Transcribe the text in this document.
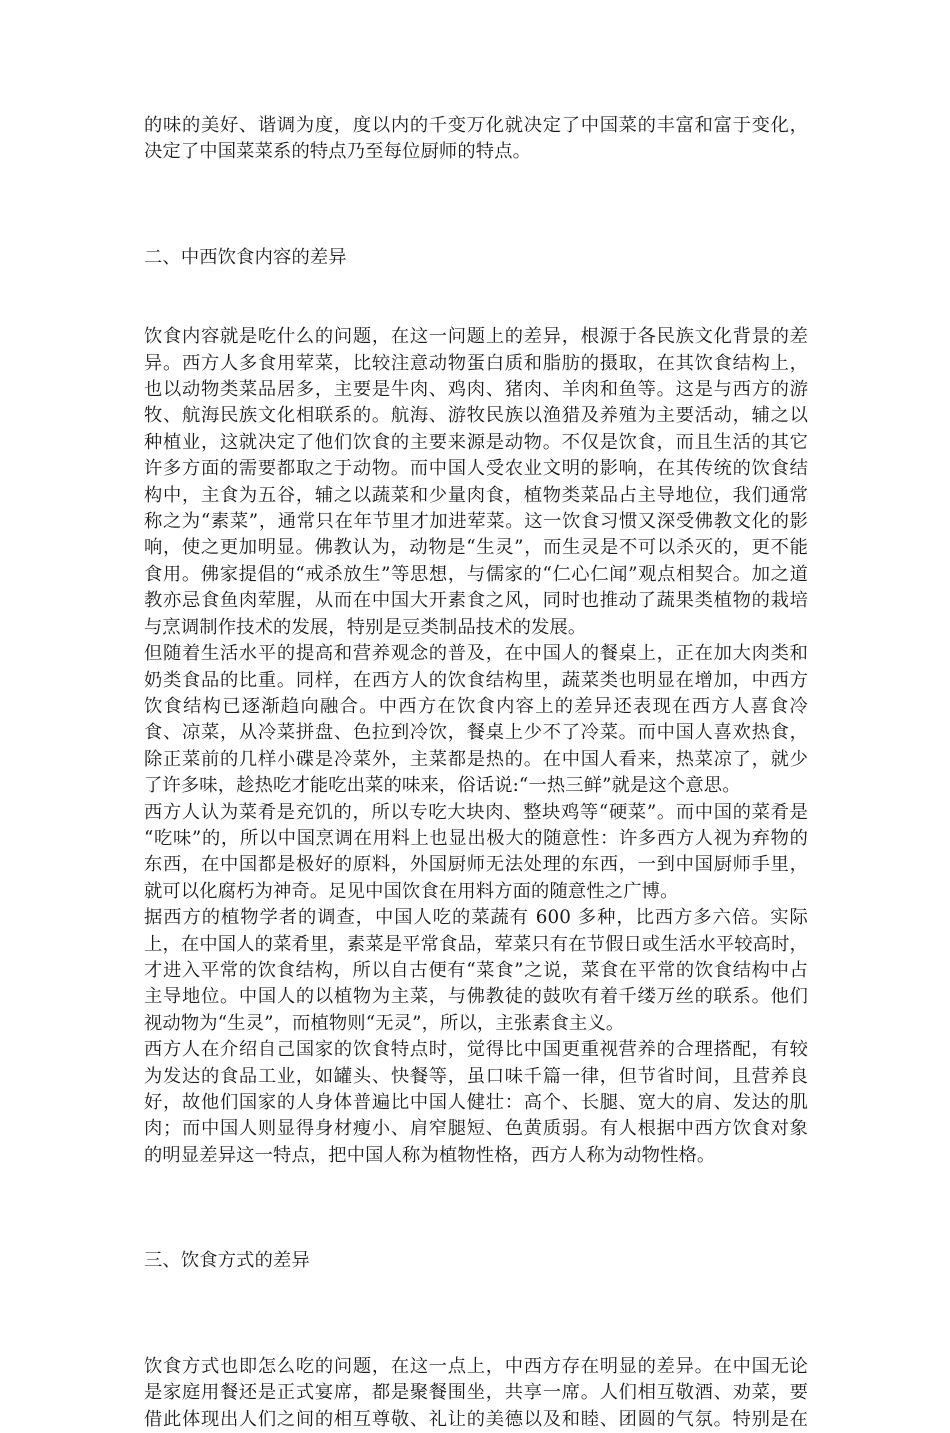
的味的美好、谐调为度，度以内的千变万化就决定了中国菜的丰富和富于变化，
决定了中国菜菜系的特点乃至每位厨师的特点。

二、中西饮食内容的差异

饮食内容就是吃什么的问题，在这一问题上的差异，根源于各民族文化背景的差
异。西方人多食用荤菜，比较注意动物蛋白质和脂肪的摄取，在其饮食结构上，
也以动物类菜品居多，主要是牛肉、鸡肉、猪肉、羊肉和鱼等。这是与西方的游
牧、航海民族文化相联系的。航海、游牧民族以渔猎及养殖为主要活动，辅之以
种植业，这就决定了他们饮食的主要来源是动物。不仅是饮食，而且生活的其它
许多方面的需要都取之于动物。而中国人受农业文明的影响，在其传统的饮食结
构中，主食为五谷，辅之以蔬菜和少量肉食，植物类菜品占主导地位，我们通常
称之为“素菜”，通常只在年节里才加进荤菜。这一饮食习惯又深受佛教文化的影
响，使之更加明显。佛教认为，动物是“生灵”，而生灵是不可以杀灭的，更不能
食用。佛家提倡的“戒杀放生”等思想，与儒家的“仁心仁闻”观点相契合。加之道
教亦忌食鱼肉荤腥，从而在中国大开素食之风，同时也推动了蔬果类植物的栽培
与烹调制作技术的发展，特别是豆类制品技术的发展。
但随着生活水平的提高和营养观念的普及，在中国人的餐桌上，正在加大肉类和
奶类食品的比重。同样，在西方人的饮食结构里，蔬菜类也明显在增加，中西方
饮食结构已逐渐趋向融合。中西方在饮食内容上的差异还表现在西方人喜食冷
食、凉菜，从冷菜拼盘、色拉到冷饮，餐桌上少不了冷菜。而中国人喜欢热食，
除正菜前的几样小碟是冷菜外，主菜都是热的。在中国人看来，热菜凉了，就少
了许多味，趁热吃才能吃出菜的味来，俗话说:“一热三鲜”就是这个意思。
西方人认为菜肴是充饥的，所以专吃大块肉、整块鸡等“硬菜”。而中国的菜肴是
“吃味”的，所以中国烹调在用料上也显出极大的随意性：许多西方人视为弃物的
东西，在中国都是极好的原料，外国厨师无法处理的东西，一到中国厨师手里，
就可以化腐朽为神奇。足见中国饮食在用料方面的随意性之广博。
据西方的植物学者的调查，中国人吃的菜蔬有 600 多种，比西方多六倍。实际
上，在中国人的菜肴里，素菜是平常食品，荤菜只有在节假日或生活水平较高时，
才进入平常的饮食结构，所以自古便有“菜食”之说，菜食在平常的饮食结构中占
主导地位。中国人的以植物为主菜，与佛教徒的鼓吹有着千缕万丝的联系。他们
视动物为“生灵”，而植物则“无灵”，所以，主张素食主义。
西方人在介绍自己国家的饮食特点时，觉得比中国更重视营养的合理搭配，有较
为发达的食品工业，如罐头、快餐等，虽口味千篇一律，但节省时间，且营养良
好，故他们国家的人身体普遍比中国人健壮：高个、长腿、宽大的肩、发达的肌
肉；而中国人则显得身材瘦小、肩窄腿短、色黄质弱。有人根据中西方饮食对象
的明显差异这一特点，把中国人称为植物性格，西方人称为动物性格。

三、饮食方式的差异

饮食方式也即怎么吃的问题，在这一点上，中西方存在明显的差异。在中国无论
是家庭用餐还是正式宴席，都是聚餐围坐，共享一席。人们相互敬酒、劝菜，要
借此体现出人们之间的相互尊敬、礼让的美德以及和睦、团圆的气氛。特别是在
